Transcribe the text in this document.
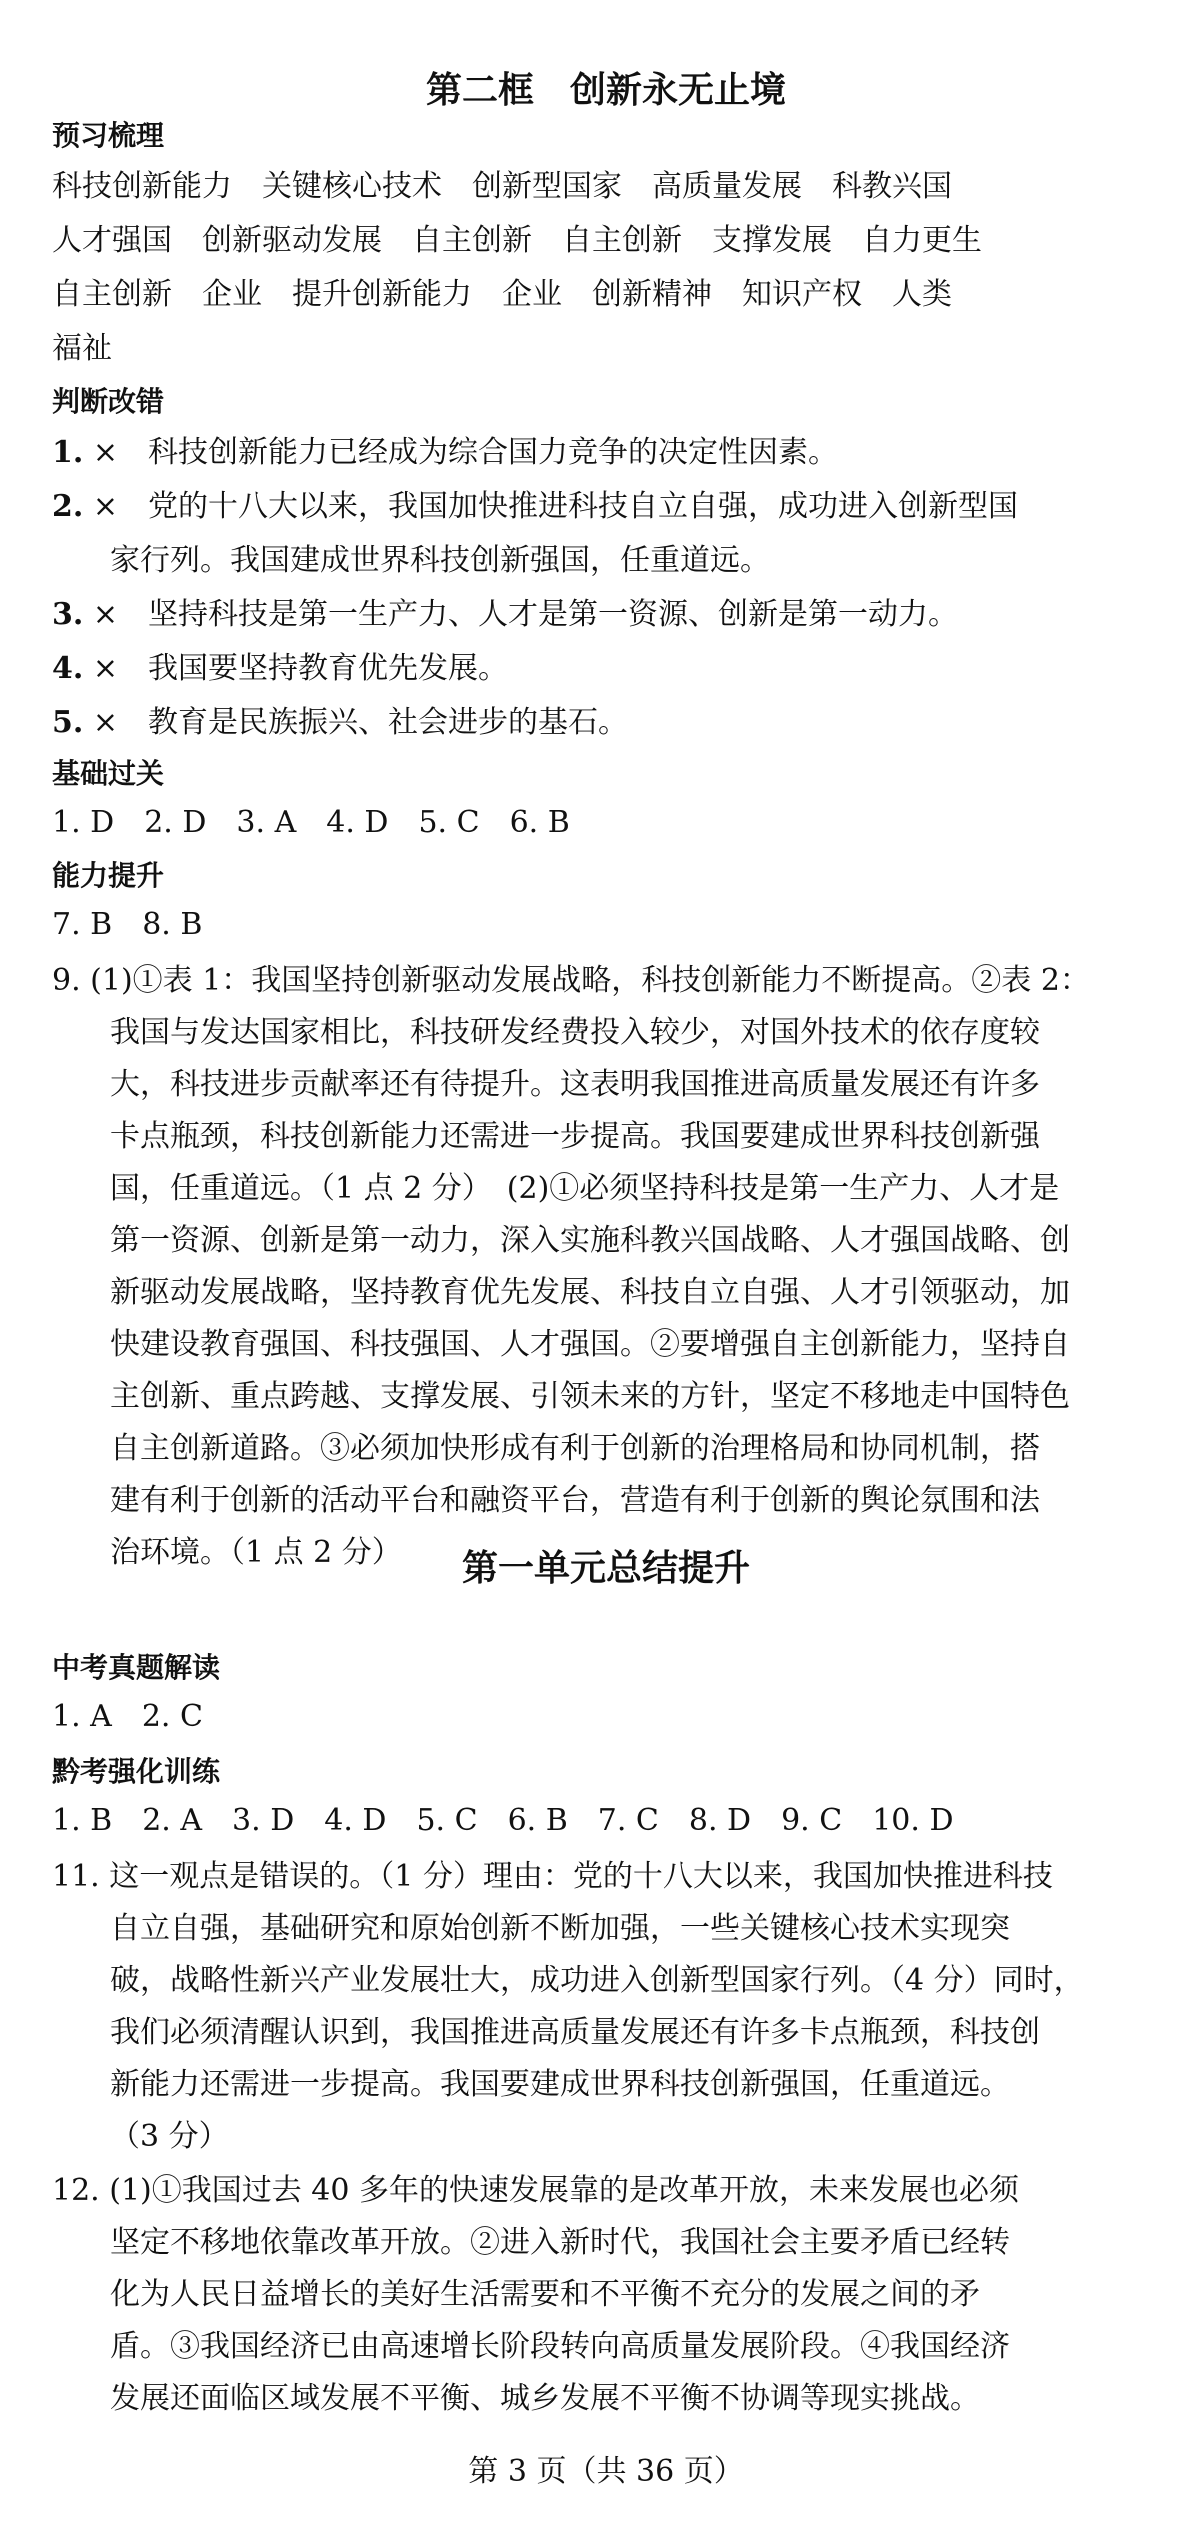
第二框　创新永无止境
预习梳理
科技创新能力 关键核心技术 创新型国家 高质量发展 科教兴国
人才强国 创新驱动发展 自主创新 自主创新 支撑发展 自力更生
自主创新 企业 提升创新能力 企业 创新精神 知识产权 人类
福祉
判断改错
1. ×　科技创新能力已经成为综合国力竞争的决定性因素。
2. ×　党的十八大以来，我国加快推进科技自立自强，成功进入创新型国
家行列。我国建成世界科技创新强国，任重道远。
3. ×　坚持科技是第一生产力、人才是第一资源、创新是第一动力。
4. ×　我国要坚持教育优先发展。
5. ×　教育是民族振兴、社会进步的基石。
基础过关
1. D　2. D　3. A　4. D　5. C　6. B
能力提升
7. B　8. B
9. (1)①表 1：我国坚持创新驱动发展战略，科技创新能力不断提高。②表 2：
我国与发达国家相比，科技研发经费投入较少，对国外技术的依存度较
大，科技进步贡献率还有待提升。这表明我国推进高质量发展还有许多
卡点瓶颈，科技创新能力还需进一步提高。我国要建成世界科技创新强
国，任重道远。（1 点 2 分）　(2)①必须坚持科技是第一生产力、人才是
第一资源、创新是第一动力，深入实施科教兴国战略、人才强国战略、创
新驱动发展战略，坚持教育优先发展、科技自立自强、人才引领驱动，加
快建设教育强国、科技强国、人才强国。②要增强自主创新能力，坚持自
主创新、重点跨越、支撑发展、引领未来的方针，坚定不移地走中国特色
自主创新道路。③必须加快形成有利于创新的治理格局和协同机制，搭
建有利于创新的活动平台和融资平台，营造有利于创新的舆论氛围和法
治环境。（1 点 2 分）	第一单元总结提升
中考真题解读
1. A　2. C
黔考强化训练
1. B　2. A　3. D　4. D　5. C　6. B　7. C　8. D　9. C　10. D
11. 这一观点是错误的。（1 分）理由：党的十八大以来，我国加快推进科技
自立自强，基础研究和原始创新不断加强，一些关键核心技术实现突
破，战略性新兴产业发展壮大，成功进入创新型国家行列。（4 分）同时，
我们必须清醒认识到，我国推进高质量发展还有许多卡点瓶颈，科技创
新能力还需进一步提高。我国要建成世界科技创新强国，任重道远。
（3 分）
12. (1)①我国过去 40 多年的快速发展靠的是改革开放，未来发展也必须
坚定不移地依靠改革开放。②进入新时代，我国社会主要矛盾已经转
化为人民日益增长的美好生活需要和不平衡不充分的发展之间的矛
盾。③我国经济已由高速增长阶段转向高质量发展阶段。④我国经济
发展还面临区域发展不平衡、城乡发展不平衡不协调等现实挑战。
第 3 页（共 36 页）
